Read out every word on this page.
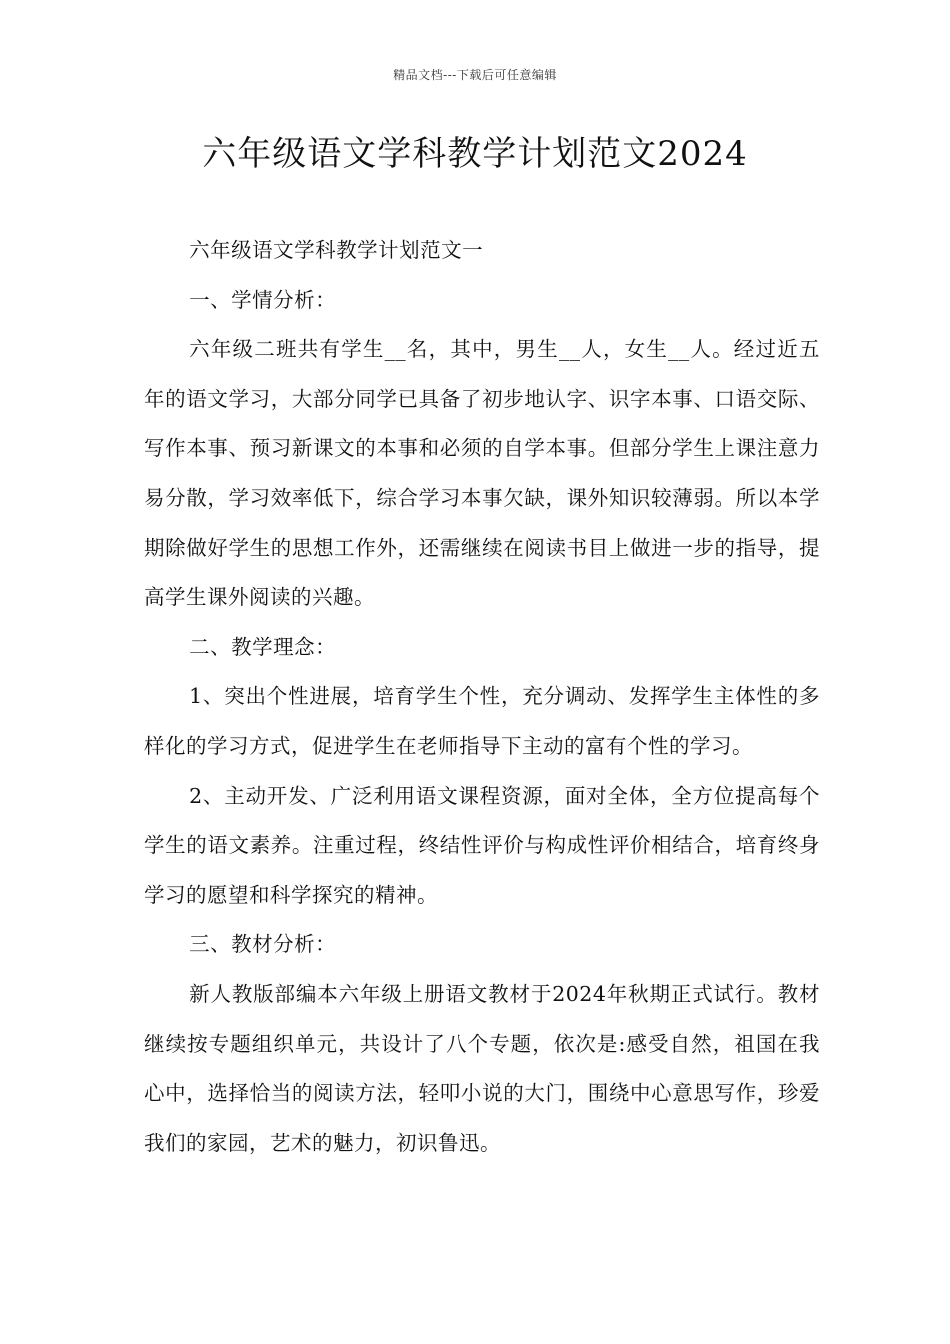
精品文档---下载后可任意编辑
六年级语文学科教学计划范文2024

六年级语文学科教学计划范文一

一、学情分析：

六年级二班共有学生__名，其中，男生__人，女生__人。经过近五年的语文学习，大部分同学已具备了初步地认字、识字本事、口语交际、写作本事、预习新课文的本事和必须的自学本事。但部分学生上课注意力易分散，学习效率低下，综合学习本事欠缺，课外知识较薄弱。所以本学期除做好学生的思想工作外，还需继续在阅读书目上做进一步的指导，提高学生课外阅读的兴趣。

二、教学理念：

1、突出个性进展，培育学生个性，充分调动、发挥学生主体性的多样化的学习方式，促进学生在老师指导下主动的富有个性的学习。

2、主动开发、广泛利用语文课程资源，面对全体，全方位提高每个学生的语文素养。注重过程，终结性评价与构成性评价相结合，培育终身学习的愿望和科学探究的精神。

三、教材分析：

新人教版部编本六年级上册语文教材于2024年秋期正式试行。教材继续按专题组织单元，共设计了八个专题，依次是:感受自然，祖国在我心中，选择恰当的阅读方法，轻叩小说的大门，围绕中心意思写作，珍爱我们的家园，艺术的魅力，初识鲁迅。
